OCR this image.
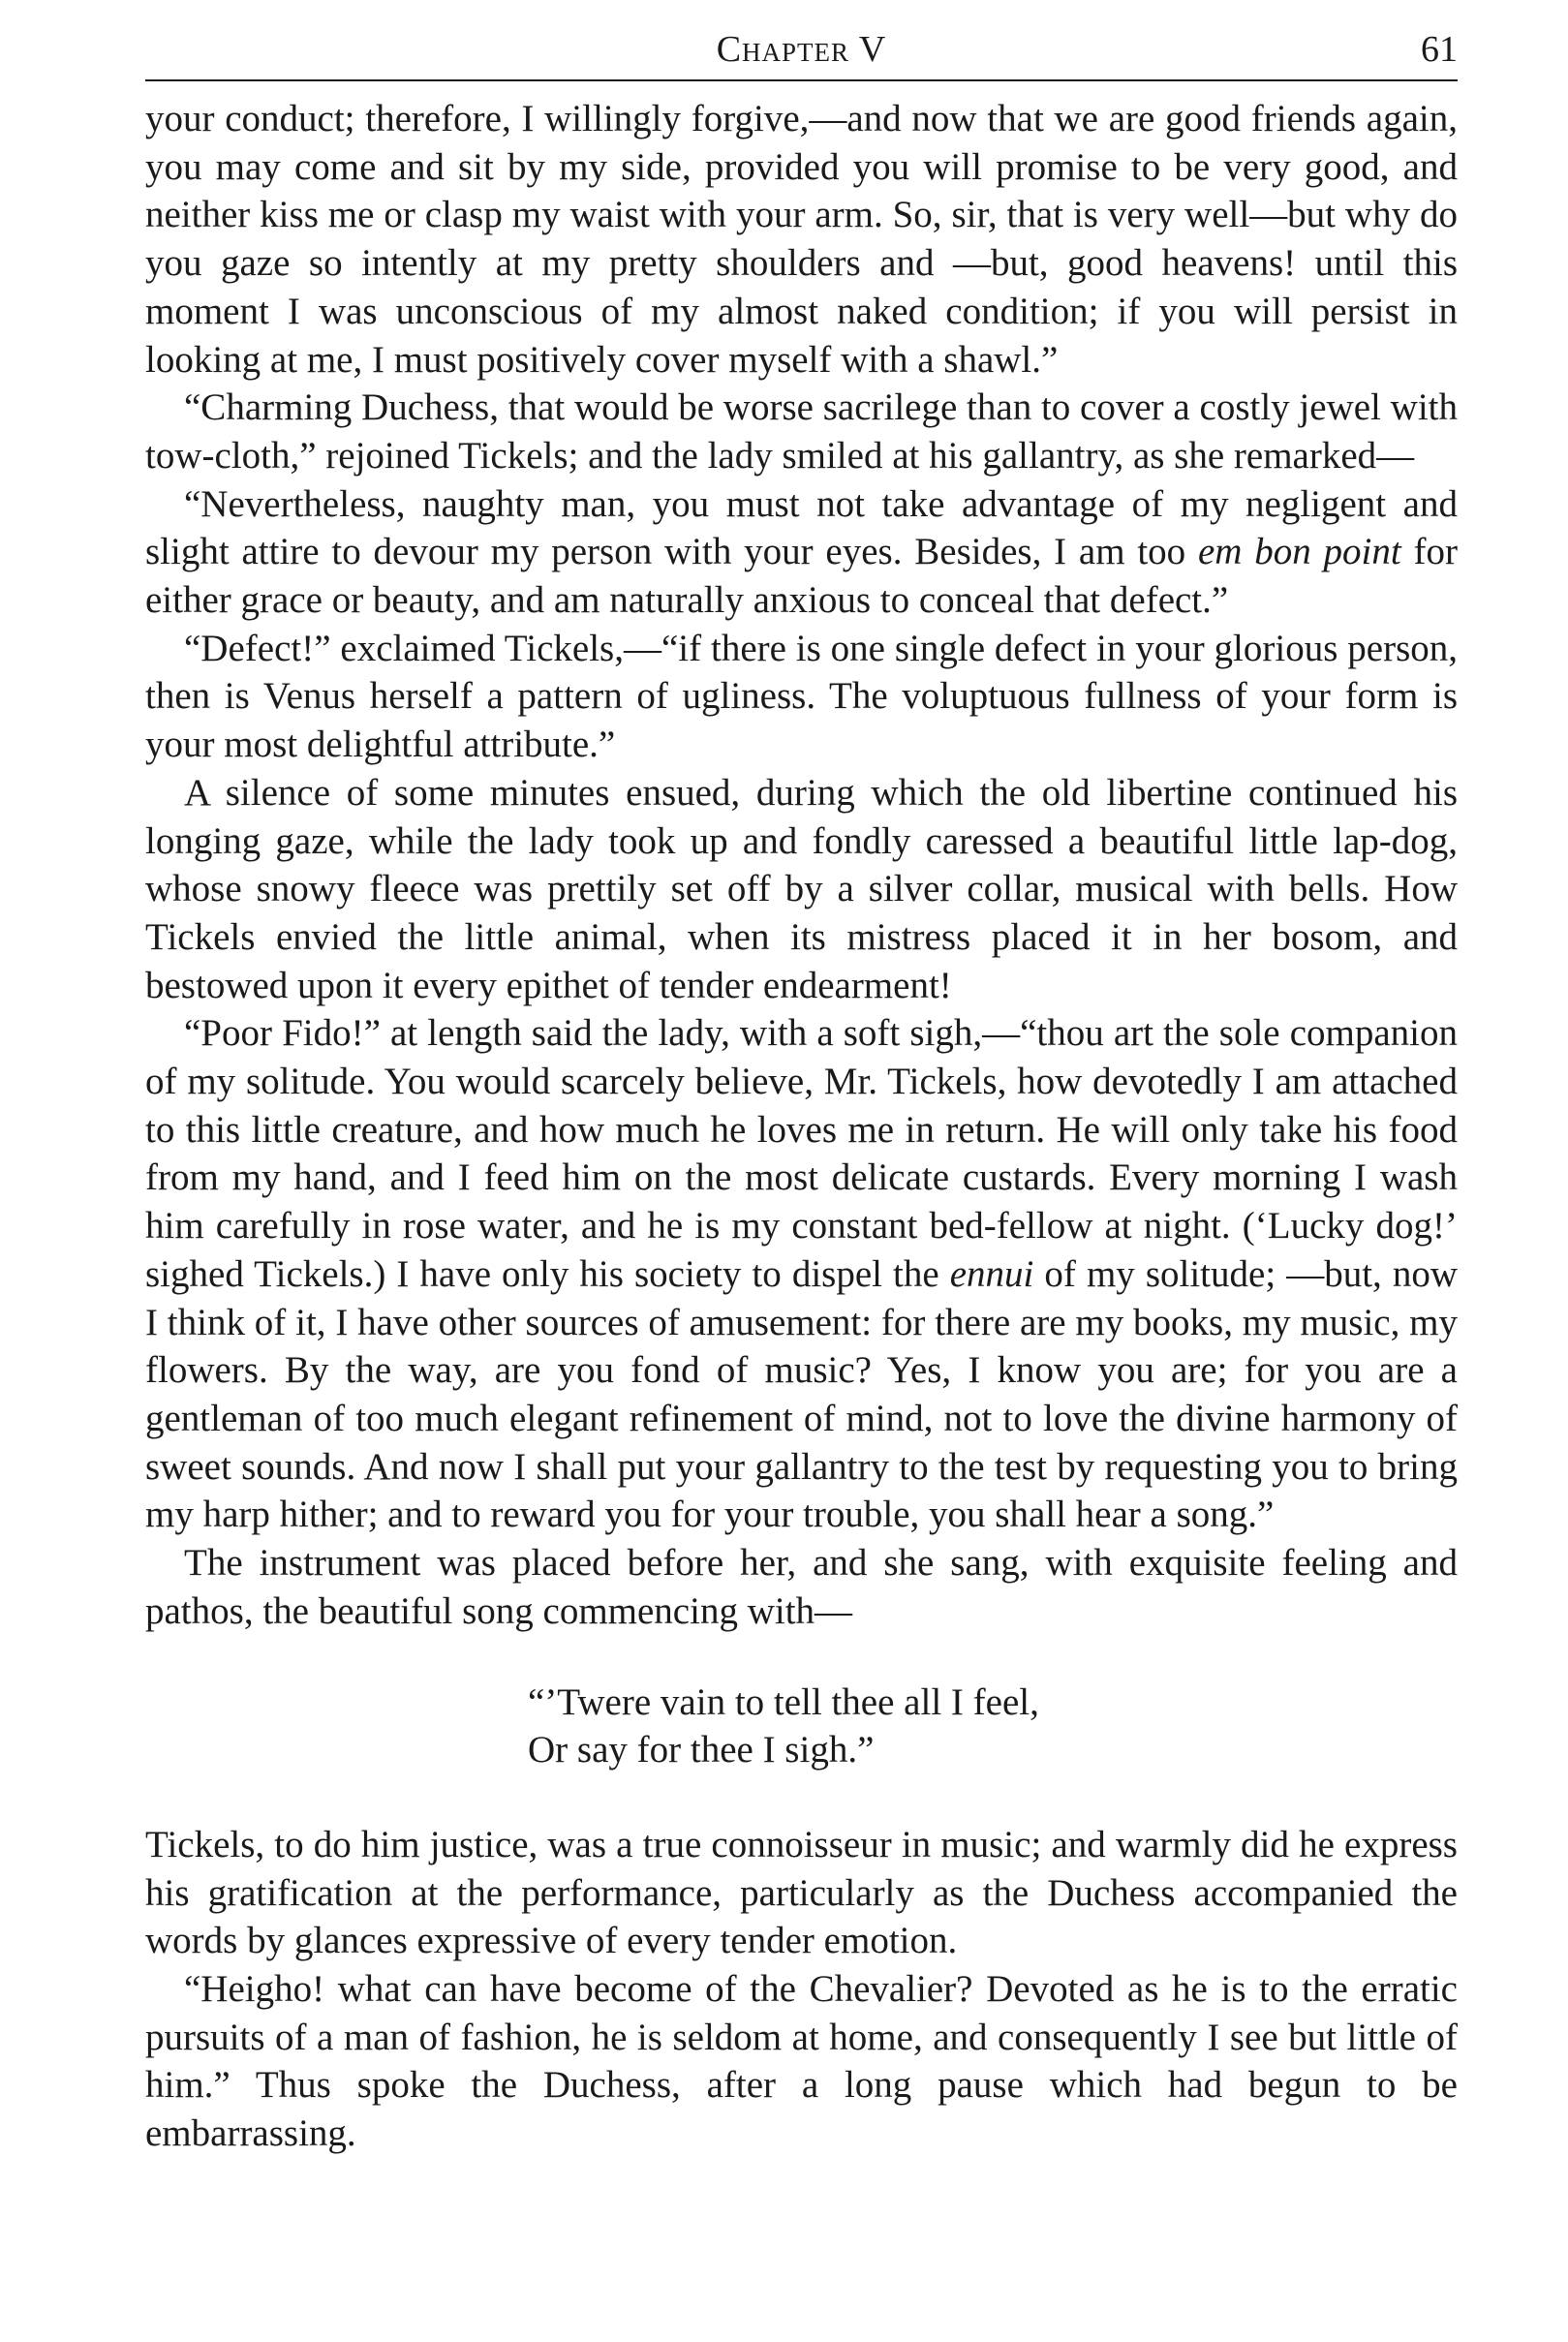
Chapter V	61

your conduct; therefore, I willingly forgive,—and now that we are good friends again, you may come and sit by my side, provided you will promise to be very good, and neither kiss me or clasp my waist with your arm. So, sir, that is very well—but why do you gaze so intently at my pretty shoulders and —but, good heavens! until this moment I was unconscious of my almost naked condition; if you will persist in looking at me, I must positively cover myself with a shawl.”

“Charming Duchess, that would be worse sacrilege than to cover a costly jewel with tow-cloth,” rejoined Tickels; and the lady smiled at his gallantry, as she remarked—

“Nevertheless, naughty man, you must not take advantage of my negligent and slight attire to devour my person with your eyes. Besides, I am too em bon point for either grace or beauty, and am naturally anxious to conceal that defect.”

“Defect!” exclaimed Tickels,—“if there is one single defect in your glorious person, then is Venus herself a pattern of ugliness. The voluptuous fullness of your form is your most delightful attribute.”

A silence of some minutes ensued, during which the old libertine continued his longing gaze, while the lady took up and fondly caressed a beautiful little lap-dog, whose snowy fleece was prettily set off by a silver collar, musical with bells. How Tickels envied the little animal, when its mistress placed it in her bosom, and bestowed upon it every epithet of tender endearment!

“Poor Fido!” at length said the lady, with a soft sigh,—“thou art the sole companion of my solitude. You would scarcely believe, Mr. Tickels, how devotedly I am attached to this little creature, and how much he loves me in return. He will only take his food from my hand, and I feed him on the most delicate custards. Every morning I wash him carefully in rose water, and he is my constant bed-fellow at night. (‘Lucky dog!’ sighed Tickels.) I have only his society to dispel the ennui of my solitude; —but, now I think of it, I have other sources of amusement: for there are my books, my music, my flowers. By the way, are you fond of music? Yes, I know you are; for you are a gentleman of too much elegant refinement of mind, not to love the divine harmony of sweet sounds. And now I shall put your gallantry to the test by requesting you to bring my harp hither; and to reward you for your trouble, you shall hear a song.”

The instrument was placed before her, and she sang, with exquisite feeling and pathos, the beautiful song commencing with—

“’Twere vain to tell thee all I feel,
Or say for thee I sigh.”

Tickels, to do him justice, was a true connoisseur in music; and warmly did he express his gratification at the performance, particularly as the Duchess accompanied the words by glances expressive of every tender emotion.

“Heigho! what can have become of the Chevalier? Devoted as he is to the erratic pursuits of a man of fashion, he is seldom at home, and consequently I see but little of him.” Thus spoke the Duchess, after a long pause which had begun to be embarrassing.
